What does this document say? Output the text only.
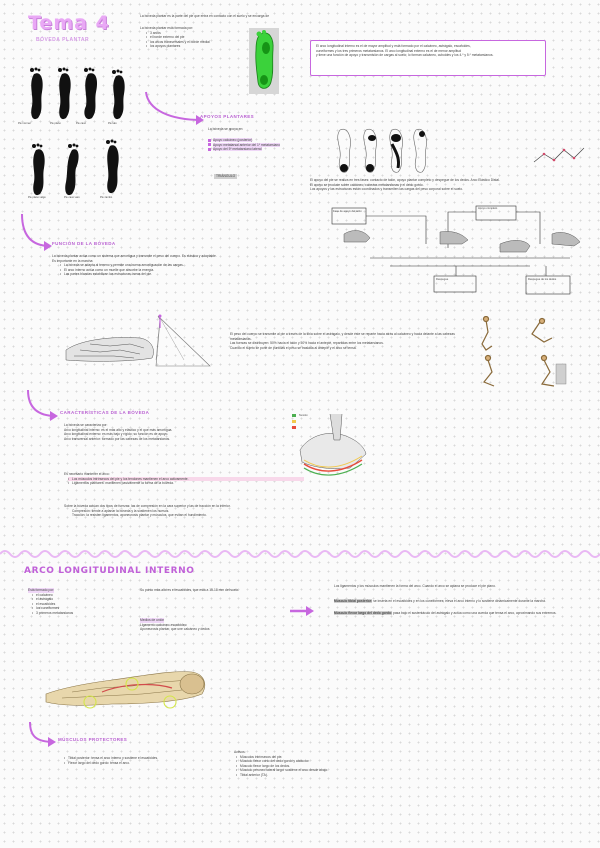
Tema 4
BÓVEDA PLANTAR
La bóveda plantar es la parte del pie que entra en contacto con el suelo y se encarga de
La bóveda plantar está formada por:
• 3 arcos
• el borde externo del pie
• los arcos transversales y el borde medial
• los apoyos plantares	El arco longitudinal interno es el de mayor amplitud y está formado por el calcáneo, astrágalo, escafoides,
cuneiformes y los tres primeros metatarsianos. El arco longitudinal externo es el de menor amplitud
y tiene una función de apoyo y transmisión de cargas al suelo; lo forman calcáneo, cuboides y los 4.º y 5.º metatarsianos.
Pie normal	Pie plano	Pie cavo	Pie talo
Pie plano valgo	Pie cavo varo	Pie zambo
APOYOS PLANTARES
La bóveda se apoya en:
Apoyo calcáneo (posterior)
Apoyo metatarsal anterior del 1º metatarsiano
Apoyo del 5º metatarsiano lateral
TRIÁNGULO
El apoyo del pie se realiza en tres fases: contacto de talón, apoyo plantar completo y despegue de los dedos. Arco Elástico Distal.
El apoyo se produce sobre calcáneo, cabezas metatarsianas y el dedo gordo.
Los apoyos y las estructuras están coordinados y transmiten las cargas del peso corporal sobre el suelo.
Fase de apoyo del talón
Apoyo completo
Despegue	Despegue de los dedos
FUNCIÓN DE LA BÓVEDA
La bóveda plantar actúa como un sistema que amortigua y transmite el peso del cuerpo. Es elástica y adaptable.
Es importante en la marcha:
• La bóveda se adapta al terreno y permite una buena amortiguación de las cargas.
• El arco interno actúa como un muelle que absorbe la energía.
• Las partes blandas estabilizan las estructuras óseas del pie.
El peso del cuerpo se transmite al pie a través de la tibia sobre el astrágalo, y desde éste se reparte hacia atrás al calcáneo y hacia delante a las cabezas metatarsianas.
Las fuerzas se distribuyen: 50% hacia el talón y 50% hacia el antepié, repartidas entre los metatarsianos.
Cuando el sujeto se pone de puntillas el peso se traslada al antepié y el arco se tensa.
CARACTERÍSTICAS DE LA BÓVEDA
La bóveda se caracteriza por:
Arco longitudinal interno: es el más alto y elástico y el que más amortigua.
Arco longitudinal externo: es más bajo y rígido; su función es de apoyo.
Arco transversal anterior: formado por las cabezas de los metatarsianos.
Es necesario mantener el arco:
• Los músculos intrínsecos del pie y los tendones mantienen el arco activamente.
• Ligamentos plantares: mantienen pasivamente la forma de la bóveda.
Sobre la bóveda actúan dos tipos de fuerzas: las de compresión en la cara superior y las de tracción en la inferior.
Compresión: tiende a aplanar la bóveda y la sostienen los huesos.
Tracción: la resisten ligamentos, aponeurosis plantar y músculos, que evitan el hundimiento.
Tensión
ARCO LONGITUDINAL INTERNO
Está formado por:
• el calcáneo
• el astrágalo
• el escafoides
• los cuneiformes
• 3 primeros metatarsianos
Su punto más alto es el escafoides, que está a 15-18 mm del suelo.
Medios de unión
Ligamento calcáneo-escafoideo
Aponeurosis plantar, que une calcáneo y dedos
Los ligamentos y los músculos mantienen la forma del arco. Cuando el arco se aplana se produce el pie plano.
Músculo tibial posterior: se inserta en el escafoides y en los cuneiformes; eleva el arco interno y lo sostiene dinámicamente durante la marcha.
Músculo flexor largo del dedo gordo: pasa bajo el sustentáculo del astrágalo y actúa como una cuerda que tensa el arco, aproximando sus extremos.
MÚSCULOS PROTECTORES
• Tibial posterior: tensa el arco interno y sostiene el escafoides.
• Flexor largo del dedo gordo: tensa el arco.
Activos:
• Músculos intrínsecos del pie.
• Músculo flexor corto del dedo gordo y abductor.
• Músculo flexor largo de los dedos.
• Músculo peroneo lateral largo: sostiene el arco desde abajo.
• Tibial anterior (TA).
